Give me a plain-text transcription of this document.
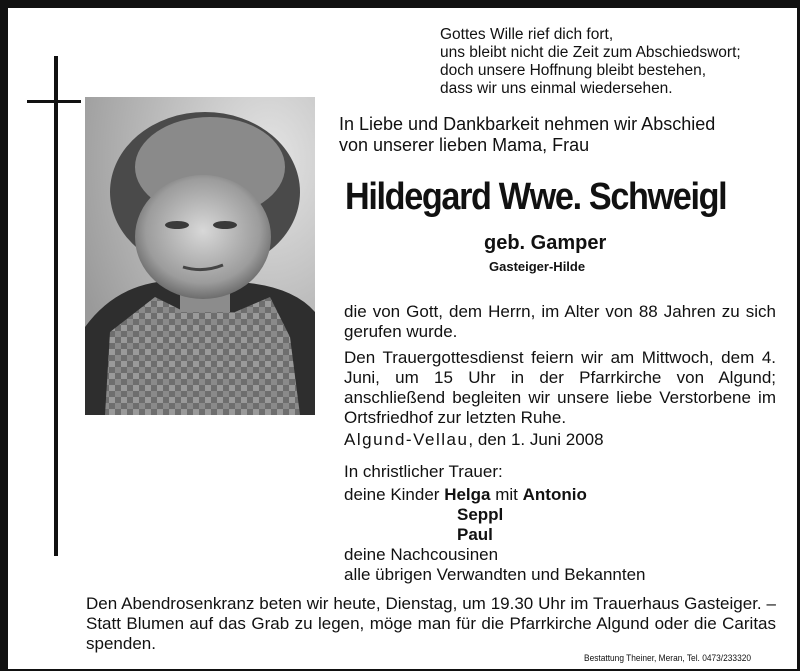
Gottes Wille rief dich fort,
uns bleibt nicht die Zeit zum Abschiedswort;
doch unsere Hoffnung bleibt bestehen,
dass wir uns einmal wiedersehen.
In Liebe und Dankbarkeit nehmen wir Abschied
von unserer lieben Mama, Frau
Hildegard Wwe. Schweigl
geb. Gamper
Gasteiger-Hilde
die von Gott, dem Herrn, im Alter von 88 Jahren zu sich gerufen wurde.
Den Trauergottesdienst feiern wir am Mittwoch, dem 4. Juni, um 15 Uhr in der Pfarrkirche von Algund; anschließend begleiten wir unsere liebe Verstorbene im Ortsfriedhof zur letzten Ruhe.
Algund-Vellau, den 1. Juni 2008
In christlicher Trauer:
deine Kinder Helga mit Antonio
Seppl
Paul
deine Nachcousinen
alle übrigen Verwandten und Bekannten
Den Abendrosenkranz beten wir heute, Dienstag, um 19.30 Uhr im Trauerhaus Gasteiger. – Statt Blumen auf das Grab zu legen, möge man für die Pfarrkirche Algund oder die Caritas spenden.
Bestattung Theiner, Meran, Tel. 0473/233320
